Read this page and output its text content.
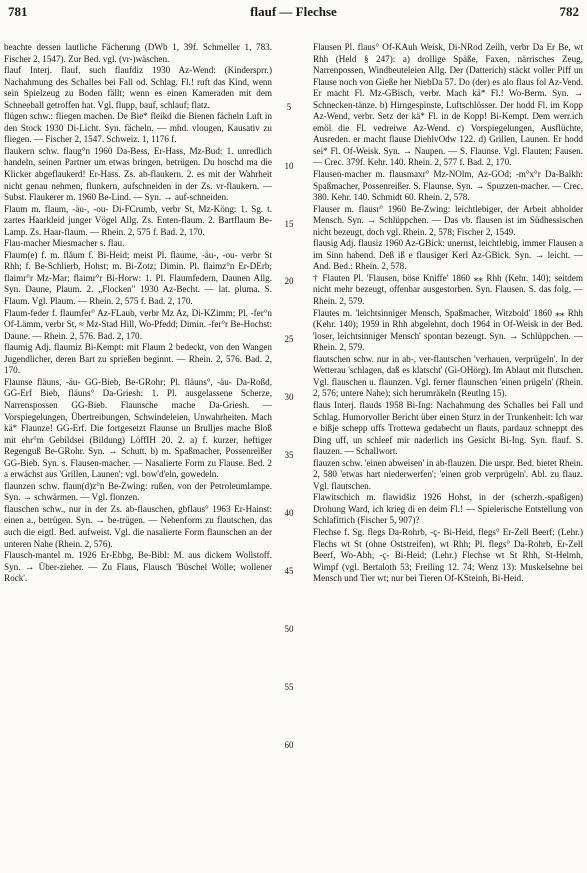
781	flauf — Flechse	782

beachte dessen lautliche Fächerung (DWb 1, 39f. Schmeller 1, 783. Fischer 2, 1547). Zur Bed. vgl. (vr-)wäschen.

flauf Interj. flauf, such flaufdiz 1930 Az-Wend: (Kindersprr.) Nachahmung des Schalles bei Fall od. Schlag. Fl.! ruft das Kind, wenn sein Spielzeug zu Boden fällt; wenn es einen Kameraden mit dem Schneeball getroffen hat. Vgl. flupp, bauf, schlauf; flatz.

flügen schw.: fliegen machen. De Bie* fleikd die Bienen fächeln Luft in den Stock 1930 Di-Licht. Syn. fächeln. — mhd. vlougen, Kausativ zu fliegen. — Fischer 2, 1547. Schweiz. 1, 1176 f.

flaukern schw. flaug°n 1960 Da-Bess, Er-Hass, Mz-Bud: 1. unredlich handeln, seinen Partner um etwas bringen, betrügen. Du hoschd ma die Klicker abgeflaukerd! Er-Hass. Zs. ab-flaukern. 2. es mit der Wahrheit nicht genau nehmen, flunkern, aufschneiden in der Zs. vr-flaukern. — Subst. Flaukerer m. 1960 Be-Lind. — Syn. → auf-schneiden.

Flaum m. flaum, -äu-, -ou- Di-FCrumb, verbr St, Mz-Köng: 1. Sg. t. zartes Haarkleid junger Vögel Allg. Zs. Enten-flaum. 2. Bartflaum Be-Lamp. Zs. Haar-flaum. — Rhein. 2, 575 f. Bad. 2, 170.

Flau-macher Miesmacher s. flau.

Flaum(e) f. m. flâum f. Bi-Heid; meist Pl. flaume, -äu-, -ou- verbr St Rhh; f. Be-Schlierb, Hohst; m. Bi-Zotz; Dimin. Pl. flaimz°n Er-DErb; flaimr°r Mz-Mar; flaimr°r Bi-Horw: 1. Pl. Flaumfedern, Daunen Allg. Syn. Daune, Plaum. 2. „Flocken" 1930 Az-Becht. — lat. pluma. S. Flaum. Vgl. Plaum. — Rhein. 2, 575 f. Bad. 2, 170.

Flaum-feder f. flaumfer° Az-FLaub, verbr Mz Az, Di-KZimm; Pl. -fer°n Of-Lämm, verbr St, ≈ Mz-Stad Hill, Wo-Pfedd; Dimin. -fer°r Be-Hochst: Daune. — Rhein. 2, 576. Bad. 2, 170.

flaumig Adj. flaumiz Bi-Kempt: mit Flaum 2 bedeckt, von den Wangen Jugendlicher, deren Bart zu sprießen beginnt. — Rhein. 2, 576. Bad. 2, 170.

Flaunse fläuns, -äu- GG-Bieb, Be-GRohr; Pl. fläuns°, -äu- Da-Roßd, GG-Erf Bieb, fläuns° Da-Griesh: 1. Pl. ausgelassene Scherze, Narrenspossen GG-Bieb. Flaunsche mache Da-Griesh. — Vorspiegelungen, Übertreibungen, Schwindeleien, Unwahrheiten. Mach kä* Flaunze! GG-Erf. Die fortgesetzt Flaunse un Brulljes mache Bloß mit ehr°m Gebildsei (Bildung) LöffIH 20. 2. a) f. kurzer, heftiger Regenguß Be-GRohr. Syn. → Schutt. b) m. Spaßmacher, Possenreißer GG-Bieb. Syn. s. Flausen-macher. — Nasalierte Form zu Flause. Bed. 2 a erwächst aus 'Grillen, Launen'; vgl. bow'd'eln, gowedeln.

flaunzen schw. flaun(d)z°n Be-Zwing: rußen, von der Petroleumlampe. Syn. → schwärmen. — Vgl. flonzen.

flauschen schw., nur in der Zs. ab-flauschen, gbflaus° 1963 Er-Hainst: einen a., betrügen. Syn. → be-trügen. — Nebenform zu flautschen, das auch die eigtl. Bed. aufweist. Vgl. die nasalierte Form flaunschen an der unteren Nahe (Rhein. 2, 576).

Flausch-mantel m. 1926 Er-Ebbg, Be-Bibl: M. aus dickem Wollstoff. Syn. → Über-zieher. — Zu Flaus, Flausch 'Büschel Wolle; wollener Rock'.

5
10
15
20
25
30
35
40
45
50
55
60

Flausen Pl. flaus° Of-KAuh Weisk, Di-NRod Zeilh, verbr Da Er Be, wt Rhh (Held § 247): a) drollige Späße, Faxen, närrisches Zeug, Narrenpossen, Windbeuteleien Allg. Der (Datterich) stäckt voller Piff un Flause noch von Gieße her NiebDa 57. Do (der) es alo flaus fol Az-Vend. Er macht Fl. Mz-GBisch, verbr. Mach kä* Fl.! Wo-Berm. Syn. → Schnecken-tänze. b) Hirngespinste, Luftschlösser. Der hodd Fl. im Kopp Az-Wend, verbr. Setz der kä* Fl. in de Kopp! Bi-Kempt. Dem werr.ich emöl die Fl. vedreiwe Az-Wend. c) Vorspiegelungen, Ausflüchte, Ausreden. er macht flause DiehlvOdw 122. d) Grillen, Launen. Er hodd sei* Fl. Of-Weisk. Syn. → Naupen. — S. Flaunse. Vgl. Flauten; Fausen. — Crec. 379f. Kehr. 140. Rhein. 2, 577 f. Bad. 2, 170.

Flausen-macher m. flausmaxr° Mz-NOlm, Az-GOd; -m°x°r Da-Balkh: Spaßmacher, Possenreißer. S. Flaunse. Syn. → Spuzzen-macher. — Crec. 380. Kehr. 140. Schmidt 60. Rhein. 2, 578.

Flauser m. flausr° 1960 Be-Zwing: leichtlebiger, der Arbeit abholder Mensch. Syn. → Schlüppchen. — Das vb. flausen ist im Südhessischen nicht bezeugt, doch vgl. Rhein. 2, 578; Fischer 2, 1549.

flausig Adj. flausiz 1960 Az-GBick: unernst, leichtlebig, immer Flausen a im Sinn habend. Deß iß e flausiger Kerl Az-GBick. Syn. → leicht. — And. Bed.: Rhein. 2, 578.

† Flauten Pl. 'Flausen, böse Kniffe' 1860 ⁎⁎ Rhh (Kehr. 140); seitdem nicht mehr bezeugt, offenbar ausgestorben. Syn. Flausen. S. das folg. — Rhein. 2, 579.

Flautes m. 'leichtsinniger Mensch, Spaßmacher, Witzbold' 1860 ⁎⁎ Rhh (Kehr. 140); 1959 in Rhh abgelehnt, doch 1964 in Of-Weisk in der Bed. 'loser, leichtsinniger Mensch' spontan bezeugt. Syn. → Schlüppchen. — Rhein. 2, 579.

flautschen schw. nur in ab-, ver-flautschen 'verhauen, verprügeln'. In der Wetterau 'schlagen, daß es klatscht' (Gi-OHörg). Im Ablaut mit flutschen. Vgl. flauschen u. flaunzen. Vgl. ferner flaunschen 'einen prügeln' (Rhein. 2, 576; untere Nahe); sich herumräkeln (Reutlng 15).

flaus Interj. flauds 1958 Bi-Ing: Nachahmung des Schalles bei Fall und Schlag. Humorvoller Bericht über einen Sturz in der Trunkenheit: Ich war e bißje schepp uffs Trottewa gedabecht un flauts, pardauz schneppt des Ding uff, un schleef mir naderlich ins Gesicht Bi-Ing. Syn. flauf. S. flauzen. — Schallwort.

flauzen schw. 'einen abweisen' in ab-flauzen. Die urspr. Bed. bietet Rhein. 2, 580 'etwas hart niederwerfen'; 'einen grob verprügeln'. Abl. zu flauz. Vgl. flautschen.

Flawitschich m. flawidšiz 1926 Hohst, in der (scherzh.-spaßigen) Drohung Ward, ich krieg di en deim Fl.! — Spielerische Entstellung von Schlafittich (Fischer 5, 907)?

Flechse f. Sg. flegs Da-Rohrb, -ç- Bi-Heid, flegs° Er-Zell Beerf; (Lehr.) Flechs wt St (ohne Oststreifen), wt Rhh; Pl. flegs° Da-Rohrb, Er-Zell Beerf, Wo-Abh, -ç- Bi-Heid; (Lehr.) Flechse wt St Rhh, St-Helmh, Wimpf (vgl. Bertaloth 53; Freiling 12. 74; Wenz 13): Muskelsehne bei Mensch und Tier wt; nur bei Tieren Of-KSteinh, Bi-Heid.
